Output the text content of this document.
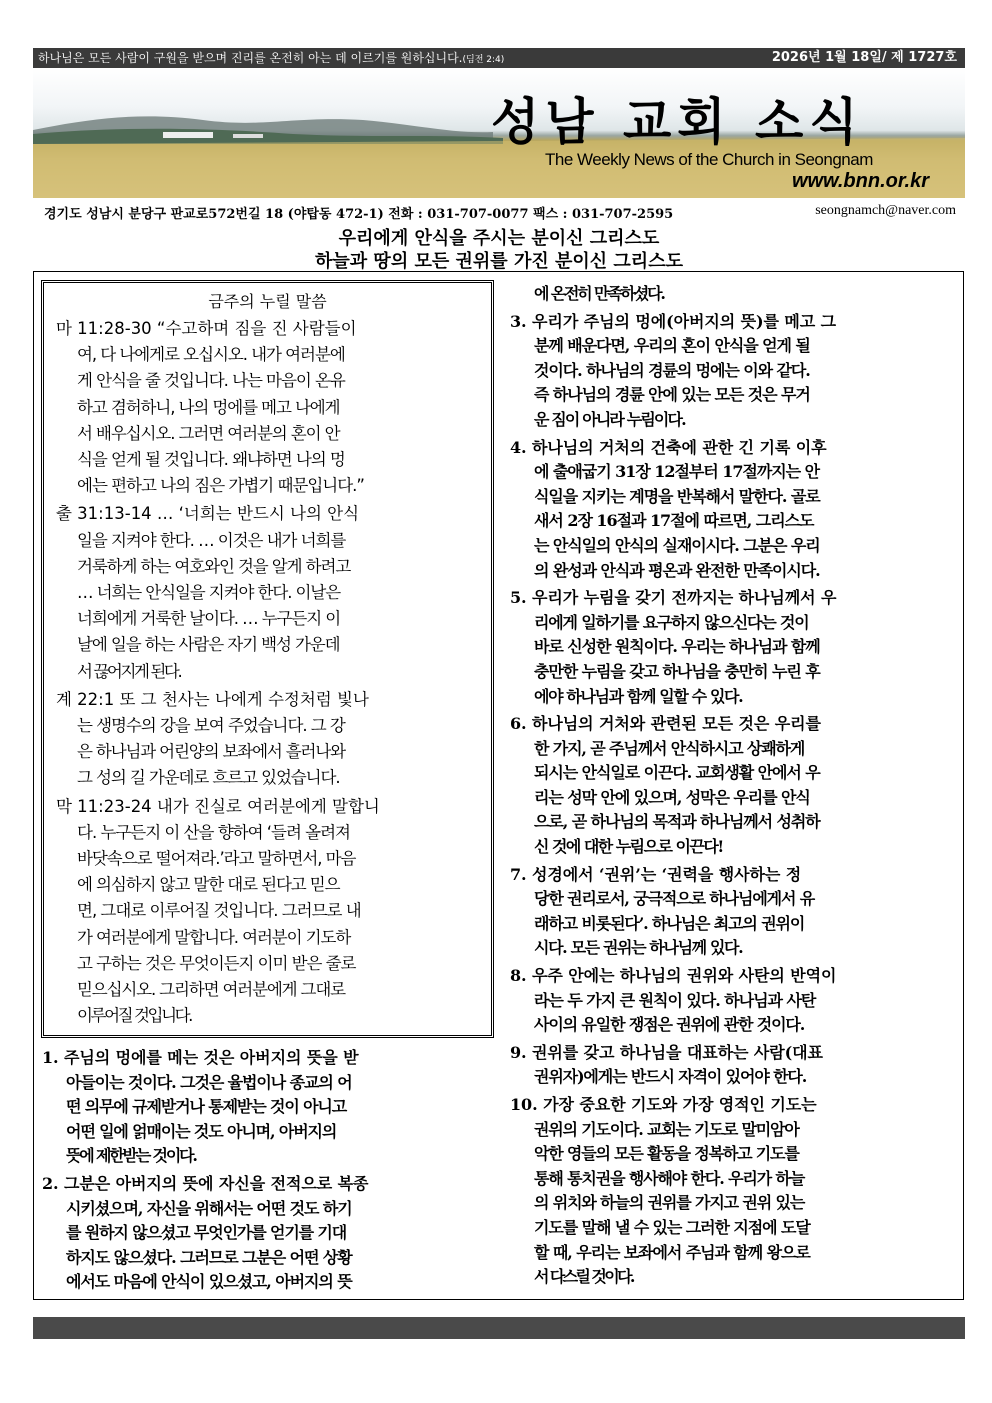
하나님은 모든 사람이 구원을 받으며 진리를 온전히 아는 데 이르기를 원하십니다.(딤전 2:4)	2026년 1월 18일/ 제 1727호
성남 교회 소식
The Weekly News of the Church in Seongnam
www.bnn.or.kr
경기도 성남시 분당구 판교로572번길 18 (야탑동 472-1) 전화 : 031-707-0077 팩스 : 031-707-2595	seongnamch@naver.com
우리에게 안식을 주시는 분이신 그리스도
하늘과 땅의 모든 권위를 가진 분이신 그리스도
금주의 누릴 말씀
마 11:28-30 “수고하며 짐을 진 사람들이
여, 다 나에게로 오십시오. 내가 여러분에
게 안식을 줄 것입니다. 나는 마음이 온유
하고 겸허하니, 나의 멍에를 메고 나에게
서 배우십시오. 그러면 여러분의 혼이 안
식을 얻게 될 것입니다. 왜냐하면 나의 멍
에는 편하고 나의 짐은 가볍기 때문입니다.”
출 31:13-14 … ‘너희는 반드시 나의 안식
일을 지켜야 한다. … 이것은 내가 너희를
거룩하게 하는 여호와인 것을 알게 하려고
… 너희는 안식일을 지켜야 한다. 이날은
너희에게 거룩한 날이다. … 누구든지 이
날에 일을 하는 사람은 자기 백성 가운데
서 끊어지게 된다.
계 22:1 또 그 천사는 나에게 수정처럼 빛나
는 생명수의 강을 보여 주었습니다. 그 강
은 하나님과 어린양의 보좌에서 흘러나와
그 성의 길 가운데로 흐르고 있었습니다.
막 11:23-24 내가 진실로 여러분에게 말합니
다. 누구든지 이 산을 향하여 ‘들려 올려져
바닷속으로 떨어져라.’라고 말하면서, 마음
에 의심하지 않고 말한 대로 된다고 믿으
면, 그대로 이루어질 것입니다. 그러므로 내
가 여러분에게 말합니다. 여러분이 기도하
고 구하는 것은 무엇이든지 이미 받은 줄로
믿으십시오. 그리하면 여러분에게 그대로
이루어질 것입니다.
1. 주님의 멍에를 메는 것은 아버지의 뜻을 받
아들이는 것이다. 그것은 율법이나 종교의 어
떤 의무에 규제받거나 통제받는 것이 아니고
어떤 일에 얽매이는 것도 아니며, 아버지의
뜻에 제한받는 것이다.
2. 그분은 아버지의 뜻에 자신을 전적으로 복종
시키셨으며, 자신을 위해서는 어떤 것도 하기
를 원하지 않으셨고 무엇인가를 얻기를 기대
하지도 않으셨다. 그러므로 그분은 어떤 상황
에서도 마음에 안식이 있으셨고, 아버지의 뜻
에 온전히 만족하셨다.
3. 우리가 주님의 멍에(아버지의 뜻)를 메고 그
분께 배운다면, 우리의 혼이 안식을 얻게 될
것이다. 하나님의 경륜의 멍에는 이와 같다.
즉 하나님의 경륜 안에 있는 모든 것은 무거
운 짐이 아니라 누림이다.
4. 하나님의 거처의 건축에 관한 긴 기록 이후
에 출애굽기 31장 12절부터 17절까지는 안
식일을 지키는 계명을 반복해서 말한다. 골로
새서 2장 16절과 17절에 따르면, 그리스도
는 안식일의 안식의 실재이시다. 그분은 우리
의 완성과 안식과 평온과 완전한 만족이시다.
5. 우리가 누림을 갖기 전까지는 하나님께서 우
리에게 일하기를 요구하지 않으신다는 것이
바로 신성한 원칙이다. 우리는 하나님과 함께
충만한 누림을 갖고 하나님을 충만히 누린 후
에야 하나님과 함께 일할 수 있다.
6. 하나님의 거처와 관련된 모든 것은 우리를
한 가지, 곧 주님께서 안식하시고 상쾌하게
되시는 안식일로 이끈다. 교회생활 안에서 우
리는 성막 안에 있으며, 성막은 우리를 안식
으로, 곧 하나님의 목적과 하나님께서 성취하
신 것에 대한 누림으로 이끈다!
7. 성경에서 ‘권위’는 ‘권력을 행사하는 정
당한 권리로서, 궁극적으로 하나님에게서 유
래하고 비롯된다’. 하나님은 최고의 권위이
시다. 모든 권위는 하나님께 있다.
8. 우주 안에는 하나님의 권위와 사탄의 반역이
라는 두 가지 큰 원칙이 있다. 하나님과 사탄
사이의 유일한 쟁점은 권위에 관한 것이다.
9. 권위를 갖고 하나님을 대표하는 사람(대표
권위자)에게는 반드시 자격이 있어야 한다.
10. 가장 중요한 기도와 가장 영적인 기도는
권위의 기도이다. 교회는 기도로 말미암아
악한 영들의 모든 활동을 정복하고 기도를
통해 통치권을 행사해야 한다. 우리가 하늘
의 위치와 하늘의 권위를 가지고 권위 있는
기도를 말해 낼 수 있는 그러한 지점에 도달
할 때, 우리는 보좌에서 주님과 함께 왕으로
서 다스릴 것이다.
